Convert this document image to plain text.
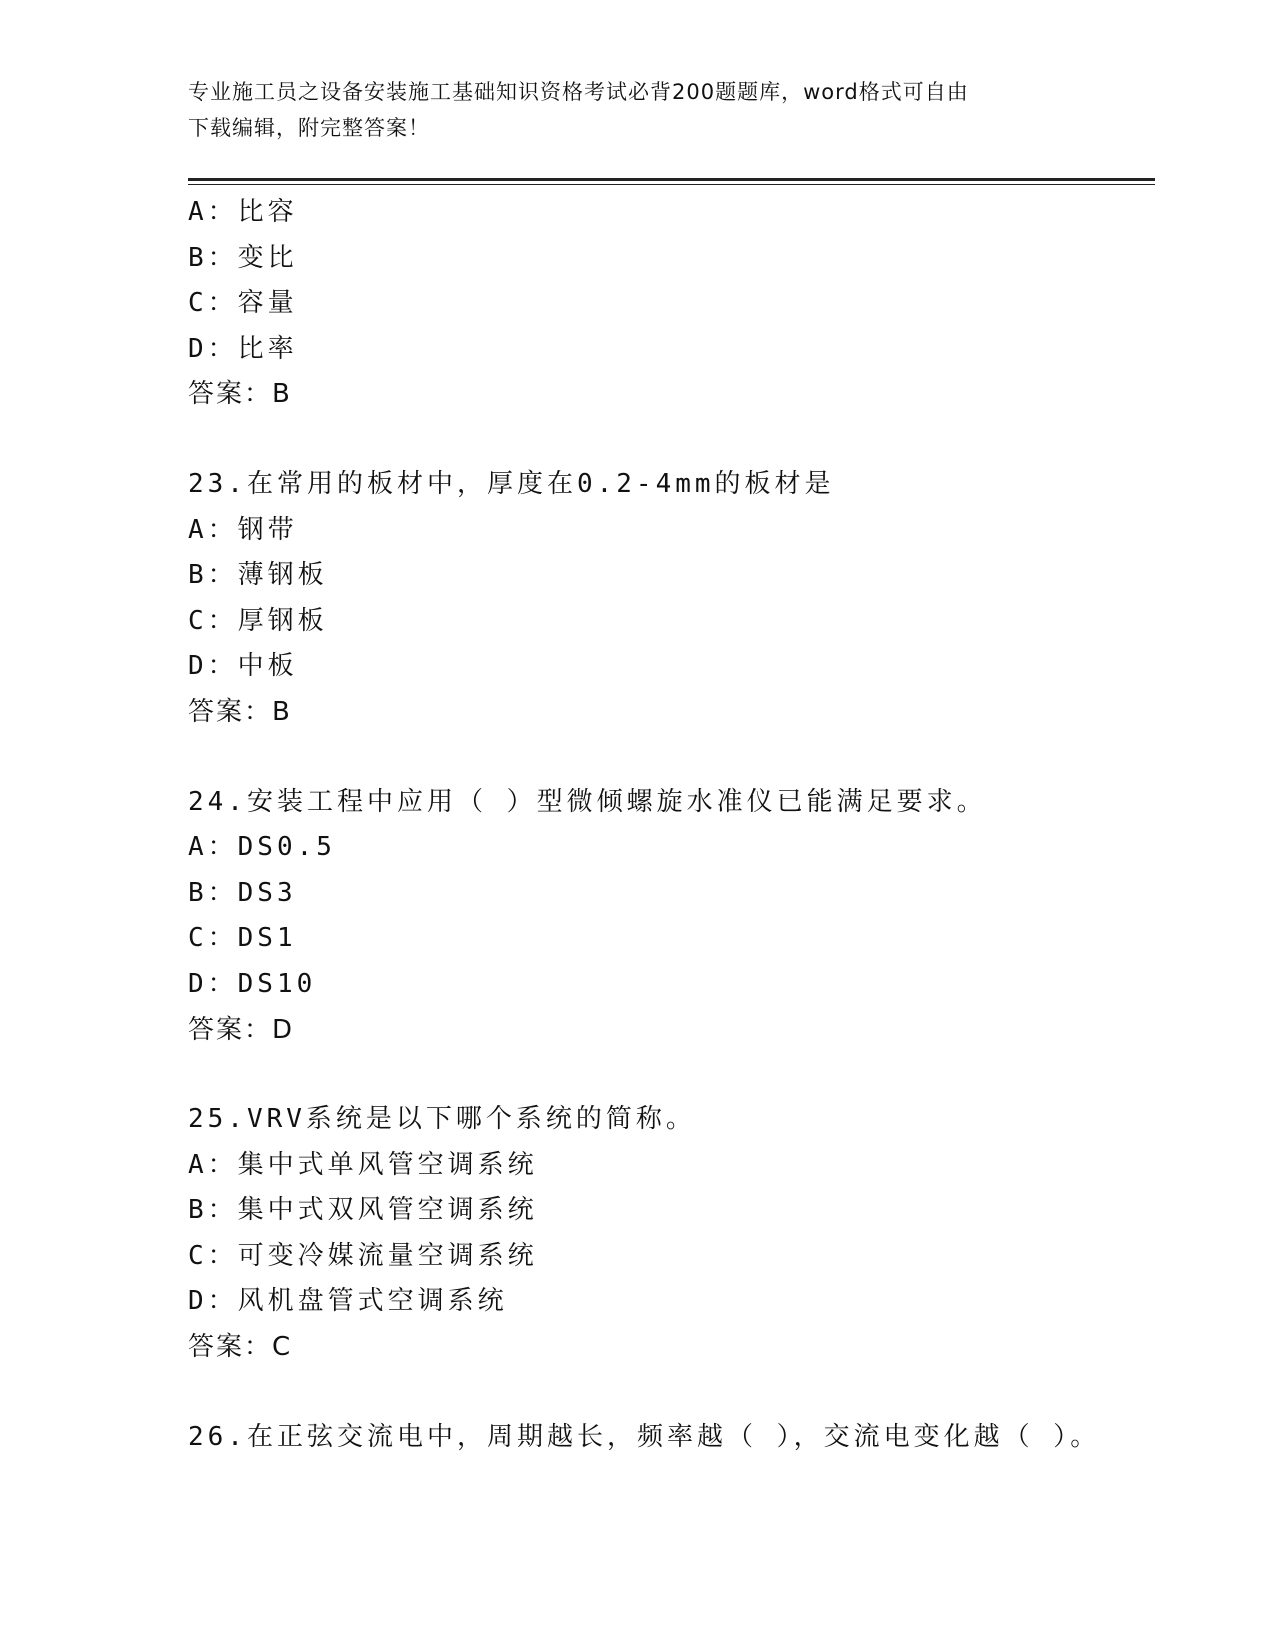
专业施工员之设备安装施工基础知识资格考试必背200题题库，word格式可自由
下载编辑，附完整答案！
A：比容
B：变比
C：容量
D：比率
答案：B
23.在常用的板材中，厚度在0.2-4mm的板材是
A：钢带
B：薄钢板
C：厚钢板
D：中板
答案：B
24.安装工程中应用（ ）型微倾螺旋水准仪已能满足要求。
A：DS0.5
B：DS3
C：DS1
D：DS10
答案：D
25.VRV系统是以下哪个系统的简称。
A：集中式单风管空调系统
B：集中式双风管空调系统
C：可变冷媒流量空调系统
D：风机盘管式空调系统
答案：C
26.在正弦交流电中，周期越长，频率越（ ），交流电变化越（ ）。
